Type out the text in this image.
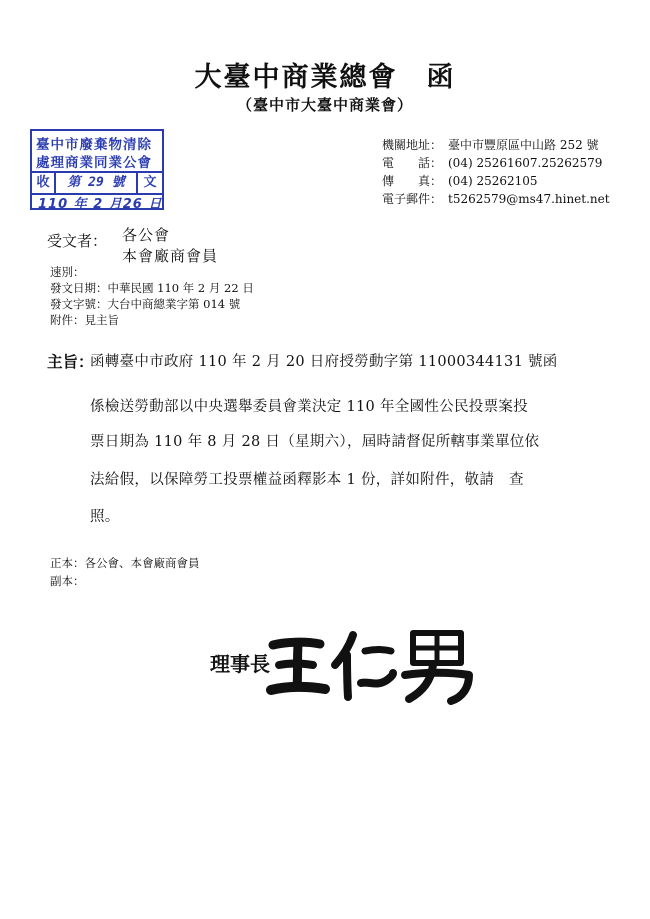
大臺中商業總會　函
（臺中市大臺中商業會）
臺中市廢棄物清除
處理商業同業公會
收	第 29 號	文
110 年 2 月26 日
機關地址： 臺中市豐原區中山路 252 號
電　　話： (04) 25261607.25262579
傳　　真： (04) 25262105
電子郵件： t5262579@ms47.hinet.net
受文者： 各公會
本會廠商會員
速別：
發文日期：中華民國 110 年 2 月 22 日
發文字號：大台中商總業字第 014 號
附件：見主旨
主旨：
函轉臺中市政府 110 年 2 月 20 日府授勞動字第 11000344131 號函
係檢送勞動部以中央選舉委員會業決定 110 年全國性公民投票案投
票日期為 110 年 8 月 28 日（星期六），屆時請督促所轄事業單位依
法給假，以保障勞工投票權益函釋影本 1 份，詳如附件，敬請　查
照。
正本：各公會、本會廠商會員
副本：
理事長
